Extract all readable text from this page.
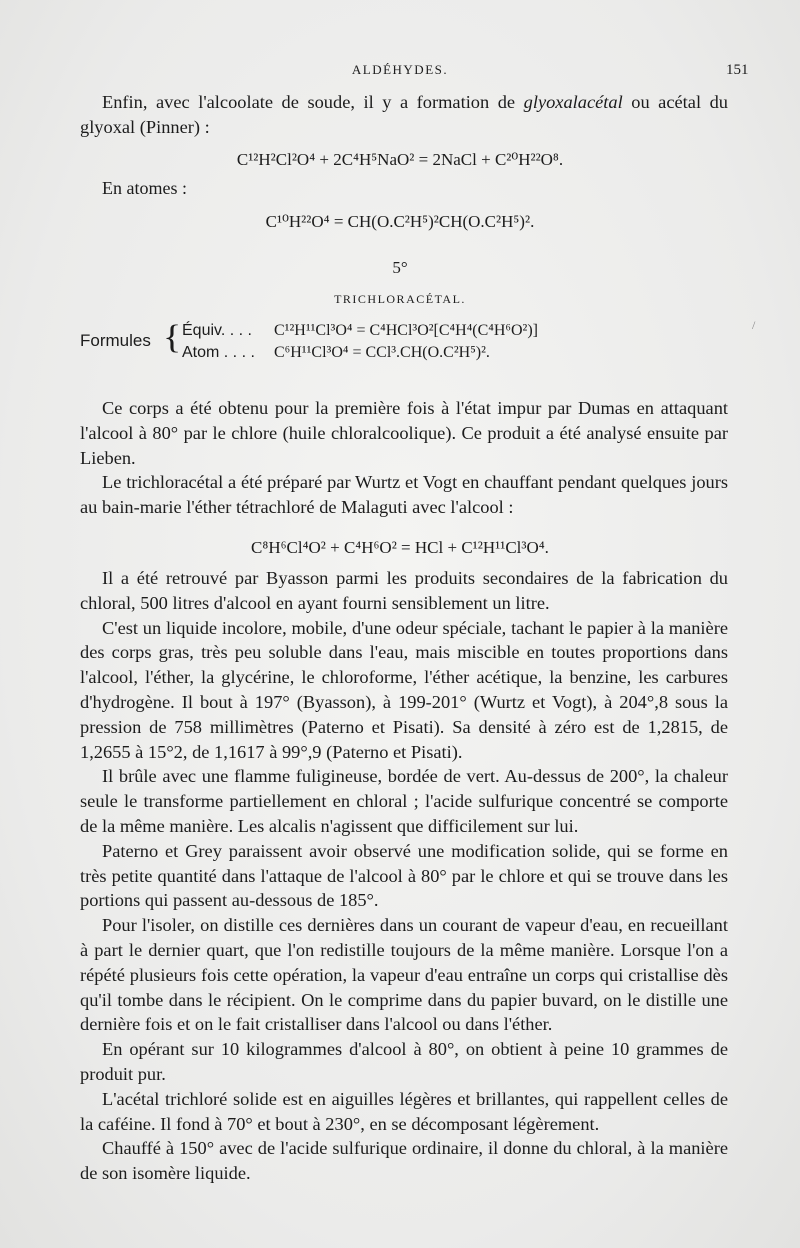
ALDÉHYDES.	151

Enfin, avec l'alcoolate de soude, il y a formation de glyoxalacétal ou acétal du glyoxal (Pinner) :

C¹²H²Cl²O⁴ + 2C⁴H⁵NaO² = 2NaCl + C²⁰H²²O⁸.
En atomes :
C¹⁰H²²O⁴ = CH(O.C²H⁵)²CH(O.C²H⁵)².
5°
TRICHLORACÉTAL.
/
Formules { Équiv. . . . C¹²H¹¹Cl³O⁴ = C⁴HCl³O²[C⁴H⁴(C⁴H⁶O²)]
Atom . . . . C⁶H¹¹Cl³O⁴ = CCl³.CH(O.C²H⁵)².

Ce corps a été obtenu pour la première fois à l'état impur par Dumas en attaquant l'alcool à 80° par le chlore (huile chloralcoolique). Ce produit a été analysé ensuite par Lieben.

Le trichloracétal a été préparé par Wurtz et Vogt en chauffant pendant quelques jours au bain-marie l'éther tétrachloré de Malaguti avec l'alcool :

C⁸H⁶Cl⁴O² + C⁴H⁶O² = HCl + C¹²H¹¹Cl³O⁴.

Il a été retrouvé par Byasson parmi les produits secondaires de la fabrication du chloral, 500 litres d'alcool en ayant fourni sensiblement un litre.

C'est un liquide incolore, mobile, d'une odeur spéciale, tachant le papier à la manière des corps gras, très peu soluble dans l'eau, mais miscible en toutes proportions dans l'alcool, l'éther, la glycérine, le chloroforme, l'éther acétique, la benzine, les carbures d'hydrogène. Il bout à 197° (Byasson), à 199-201° (Wurtz et Vogt), à 204°,8 sous la pression de 758 millimètres (Paterno et Pisati). Sa densité à zéro est de 1,2815, de 1,2655 à 15°2, de 1,1617 à 99°,9 (Paterno et Pisati).

Il brûle avec une flamme fuligineuse, bordée de vert. Au-dessus de 200°, la chaleur seule le transforme partiellement en chloral ; l'acide sulfurique concentré se comporte de la même manière. Les alcalis n'agissent que difficilement sur lui.

Paterno et Grey paraissent avoir observé une modification solide, qui se forme en très petite quantité dans l'attaque de l'alcool à 80° par le chlore et qui se trouve dans les portions qui passent au-dessous de 185°.

Pour l'isoler, on distille ces dernières dans un courant de vapeur d'eau, en recueillant à part le dernier quart, que l'on redistille toujours de la même manière. Lorsque l'on a répété plusieurs fois cette opération, la vapeur d'eau entraîne un corps qui cristallise dès qu'il tombe dans le récipient. On le comprime dans du papier buvard, on le distille une dernière fois et on le fait cristalliser dans l'alcool ou dans l'éther.

En opérant sur 10 kilogrammes d'alcool à 80°, on obtient à peine 10 grammes de produit pur.

L'acétal trichloré solide est en aiguilles légères et brillantes, qui rappellent celles de la caféine. Il fond à 70° et bout à 230°, en se décomposant légèrement.

Chauffé à 150° avec de l'acide sulfurique ordinaire, il donne du chloral, à la manière de son isomère liquide.
